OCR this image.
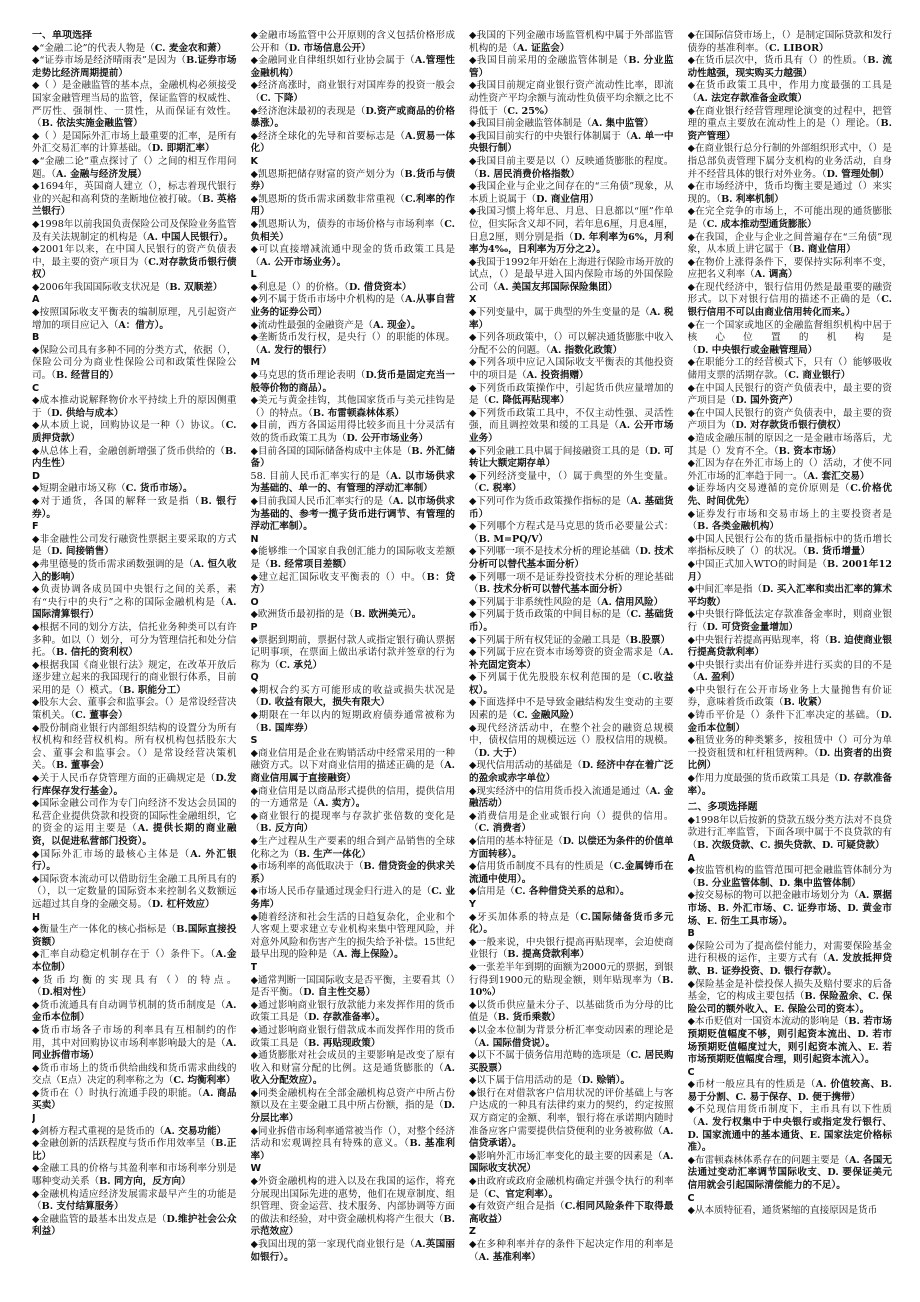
一、单项选择

◆“金融二论”的代表人物是（C. 麦金农和萧）

◆“证券市场是经济晴雨表”是因为（B.证券市场走势比经济周期提前）

◆（ ）是金融监管的基本点，金融机构必须接受国家金融管理当局的监管，保证监管的权威性、严厉性、强制性、一贯性，从而保证有效性。（B. 依法实施金融监管）

◆（ ）是国际外汇市场上最重要的汇率，是所有外汇交易汇率的计算基础。（D. 即期汇率）

◆“金融二论”重点探讨了（）之间的相互作用问题。（A. 金融与经济发展）

◆1694年，英国商人建立（），标志着现代银行业的兴起和高利贷的垄断地位被打破。（B. 英格兰银行）

◆1998年以前我国负责保险公司及保险业务监管及有关法规制定的机构是（A. 中国人民银行）。

◆2001年以来，在中国人民银行的资产负债表中，最主要的资产项目为（C.对存款货币银行债权）

◆2006年我国国际收支状况是（B. 双顺差）

A

◆按照国际收支平衡表的编制原理，凡引起资产增加的项目应记入（A：借方）。

B

◆保险公司具有多种不同的分类方式，依据（），保险公司分为商业性保险公司和政策性保险公司。（B. 经营目的）

C

◆成本推动说解释物价水平持续上升的原因侧重于（D. 供给与成本）

◆从本质上说，回购协议是一种（）协议。（C. 质押贷款）

◆从总体上看，金融创新增强了货币供给的（B. 内生性）

D

◆短期金融市场又称（C. 货币市场）。

◆对于通货，各国的解释一致是指（B. 银行券）。

F

◆非金融性公司发行融资性票据主要采取的方式是（D. 间接销售）

◆弗里德曼的货币需求函数强调的是（A. 恒久收入的影响）

◆负责协调各成员国中央银行之间的关系，素有“央行中的央行”之称的国际金融机构是（A. 国际清算银行）

◆根据不同的划分方法，信托业务种类可以有许多种。如以（）划分，可分为管理信托和处分信托。（B. 信托的资利权）

◆根据我国《商业银行法》规定，在改革开放后逐步建立起来的我国现行的商业银行体系，目前采用的是（）模式。（B. 职能分工）

◆股东大会、董事会和监事会。（）是常设经营决策机关。（C. 董事会）

◆股份制商业银行内部组织结构的设置分为所有权机构和经营权机构。所有权机构包括股东大会、董事会和监事会。（）是常设经营决策机关。（B. 董事会）

◆关于人民币存贷管理方面的正确规定是（D.发行库保存发行基金）。

◆国际金融公司作为专门向经济不发达会员国的私营企业提供贷款和投资的国际性金融组织，它的资金的运用主要是（A. 提供长期的商业融资，以促进私营部门投资）。

◆国际外汇市场的最核心主体是（A. 外汇银行）。

◆国际资本流动可以借助衍生金融工具所具有的（），以一定数量的国际资本来控制名义数额远远超过其自身的金融交易。（D. 杠杆效应）

H

◆衡量生产一体化的核心指标是（B.国际直接投资额）

◆汇率自动稳定机制存在于（）条件下。（A.金本位制）

◆货币均衡的实现具有（）的特点。（D.相对性）

◆货币流通具有自动调节机制的货币制度是（A. 金币本位制）

◆货币市场各子市场的利率具有互相制约的作用，其中对回购协议市场利率影响最大的是（A. 同业拆借市场）

◆货币市场上的货币供给曲线和货币需求曲线的交点（E点）决定的利率称之为（C. 均衡利率）

◆货币在（）时执行流通手段的职能。（A. 商品买卖）

J

◆剑桥方程式重视的是货币的（A. 交易功能）

◆金融创新的活跃程度与货币作用效率呈（B.正比）

◆金融工具的价格与其盈利率和市场利率分别是哪种变动关系（B. 同方向，反方向）

◆金融机构适应经济发展需求最早产生的功能是（B. 支付结算服务）

◆金融监管的最基本出发点是（D.维护社会公众利益）

◆金融市场监管中公开原则的含义包括价格形成公开和（D. 市场信息公开）

◆金融同业自律组织如行业协会属于（A.管理性金融机构）

◆经济高涨时，商业银行对国库券的投资一般会（C. 下降）

◆经济泡沫最初的表现是（D.资产或商品的价格暴涨）。

◆经济全球化的先导和首要标志是（A.贸易一体化）

K

◆凯恩斯把储存财富的资产划分为（B.货币与债券）

◆凯恩斯的货币需求函数非常重视（C.利率的作用）

◆凯恩斯认为，债券的市场价格与市场利率（C. 负相关）

◆可以直接增减流通中现金的货币政策工具是（A. 公开市场业务）。

L

◆利息是（）的价格。（D. 借贷资本）

◆列不属于货币市场中介机构的是（A.从事自营业务的证券公司）

◆流动性最强的金融资产是（A. 现金）。

◆垄断货币发行权，是央行（）的职能的体现。（A. 发行的银行）

M

◆马克思的货币理论表明（D.货币是固定充当一般等价物的商品）。

◆美元与黄金挂钩，其他国家货币与美元挂钩是（）的特点。（B. 布雷顿森林体系）

◆目前，西方各国运用得比较多而且十分灵活有效的货币政策工具为（D. 公开市场业务）

◆目前各国的国际储备构成中主体是（B. 外汇储备）

58. 目前人民币汇率实行的是（A. 以市场供求为基础的、单一的、有管理的浮动汇率制）

◆目前我国人民币汇率实行的是（A. 以市场供求为基础的、参考一揽子货币进行调节、有管理的浮动汇率制）。

N

◆能够维一个国家自我创汇能力的国际收支差额是（B. 经常项目差额）

◆建立起汇国际收支平衡表的（）中。（B：贷方）

O

◆欧洲货币最初指的是（B. 欧洲美元）。

P

◆票据到期前，票据付款人或指定银行确认票据记明事项，在票面上做出承诺付款并签章的行为称为（C. 承兑）

Q

◆期权合约买方可能形成的收益或损失状况是（D. 收益有限大，损失有限大）

◆期限在一年以内的短期政府债券通常被称为（B. 国库券）

S

◆商业信用是企业在购销活动中经常采用的一种融资方式。以下对商业信用的描述正确的是（A. 商业信用属于直接融资）

◆商业信用是以商品形式提供的信用，提供信用的一方通常是（A. 卖方）。

◆商业银行的提现率与存款扩张倍数的变化是（B. 反方向）

◆生产过程从生产要素的组合到产品销售的全球化称之为（B. 生产一体化）

◆市场利率的高低取决于（B. 借贷资金的供求关系）

◆市场人民币存量通过现金归行进入的是（C. 业务库）

◆随着经济和社会生活的日趋复杂化，企业和个人客观上要求建立专业机构来集中管理风险，并对意外风险和伤害产生的损失给予补偿。15世纪最早出现的险种是（A. 海上保险）。

T

◆通常判断一国国际收支是否平衡，主要看其（）是否平衡。（D. 自主性交易）

◆通过影响商业银行放款能力来发挥作用的货币政策工具是（D. 存款准备率）。

◆通过影响商业银行借款成本而发挥作用的货币政策工具是（B. 再贴现政策）

◆通货膨胀对社会成员的主要影响是改变了原有收入和财富分配的比例。这是通货膨胀的（A. 收入分配效应）。

◆同类金融机构在全部金融机构总资产中所占份额以及在主要金融工具中所占份额，指的是（D. 分层比率）

◆同业拆借市场利率通常被当作（），对整个经济活动和宏观调控具有特殊的意义。（B. 基准利率）

W

◆外资金融机构的进入以及在我国的运作，将充分展现出国际先进的惠势，他们在规章制度、组织管理、资金运营、技术服务、内部协调等方面的做法和经验，对中资金融机构将产生很大（B. 示范效应）

◆我国出现的第一家现代商业银行是（A.英国丽如银行）。

◆我国的下列金融市场监管机构中属于外部监管机构的是（A. 证监会）

◆我国目前采用的金融监管体制是（B. 分业监管）

◆我国目前规定商业银行资产流动性比率，即流动性资产平均余额与流动性负债平均余额之比不得低于（C. 25%）

◆我国目前金融监管体制是（A. 集中监管）

◆我国目前实行的中央银行体制属于（A. 单一中央银行制）

◆我国目前主要是以（）反映通货膨胀的程度。（B. 居民消费价格指数）

◆我国企业与企业之间存在的“三角债”现象，从本质上说属于（D. 商业信用）

◆我国习惯上将年息、月息、日息都以“厘”作单位，但实际含义却不同，若年息6厘，月息4厘，日息2厘，则分别是指（D. 年利率为6%，月利率为4‰，日利率为万分之2）。

◆我国于1992年开始在上海进行保险市场开放的试点，（）是最早进入国内保险市场的外国保险公司（A. 美国友邦国际保险集团）

X

◆下列变量中，属于典型的外生变量的是（A. 税率）

◆下列各项政策中，（）可以解决通货膨胀中收入分配不公的问题。（A. 指数化政策）

◆下列各项中应记入国际收支平衡表的其他投资中的项目是（A. 投资捐赠）

◆下列货币政策操作中，引起货币供应量增加的是（C. 降低再贴现率）

◆下列货币政策工具中，不仅主动性强、灵活性强，而且调控效果和缓的工具是（A. 公开市场业务）

◆下列金融工具中属于间接融资工具的是（D. 可转让大额定期存单）

◆下列经济变量中，（）属于典型的外生变量。（C. 税率）

◆下列可作为货币政策操作指标的是（A. 基础货币）

◆下列哪个方程式是马克思的货币必要量公式：（B. M=PQ/V）

◆下列哪一项不是技术分析的理论基础（D. 技术分析可以替代基本面分析）

◆下列哪一项不是证券投资技术分析的理论基础（B. 技术分析可以替代基本面分析）

◆下列属于非系统性风险的是（A. 信用风险）

◆下列属于货币政策的中间目标的是（C. 基础货币）。

◆下列属于所有权凭证的金融工具是（B.股票）

◆下列属于应在资本市场筹资的资金需求是（A. 补充固定资本）

◆下列属于优先股股东权利范围的是（C.收益权）。

◆下面选择中不是导致金融结构发生变动的主要因素的是（C. 金融风险）

◆现代经济活动中，在整个社会的融资总规模中，债权信用的规模远远（）股权信用的规模。（D. 大于）

◆现代信用活动的基础是（D. 经济中存在着广泛的盈余或赤字单位）

◆现实经济中的信用货币投入流通是通过（A. 金融活动）

◆消费信用是企业或银行向（）提供的信用。（C. 消费者）

◆信用的基本特征是（D. 以偿还为条件的价值单方面转移）。

◆信用货币制度不具有的性质是（C.金属铸币在流通中使用）。

◆信用是（C. 各种借贷关系的总和）。

Y

◆牙买加体系的特点是（C.国际储备货币多元化）。

◆一般来说，中央银行提高再贴现率，会迫使商业银行（B. 提高贷款利率）

◆一张差半年到期的面额为2000元的票据，到银行得到1900元的贴现金额，则年贴现率为（B. 10%）

◆以货币供应量未分子、以基础货币为分母的比值是（B. 货币乘数）

◆以金本位制为背景分析汇率变动因素的理论是（A. 国际借贷说）。

◆以下不属于债务信用范畴的选项是（C. 居民购买股票）

◆以下属于信用活动的是（D. 赊销）。

◆银行在对借款客户信用状况的评价基础上与客户达成的一种具有法律约束力的契约，约定按照双方商定的金额、利率，银行将在承诺期内随时准备应客户需要提供信贷便利的业务被称做（A. 信贷承诺）。

◆影响外汇市场汇率变化的最主要的因素是（A. 国际收支状况）

◆由政府或政府金融机构确定并强令执行的利率是（C、官定利率）。

◆有效资产组合是指（C.相同风险条件下取得最高收益）

Z

◆在多种利率并存的条件下起决定作用的利率是（A. 基准利率）

◆在国际信贷市场上，（）是制定国际贷款和发行债券的基准利率。（C. LIBOR）

◆在货币层次中，货币具有（）的性质。（B. 流动性越强，现实购买力越强）

◆在货币政策工具中，作用力度最强的工具是（A. 法定存款准备金政策）

◆在商业银行经营管理理论演变的过程中，把管理的重点主要放在流动性上的是（）理论。（B. 资产管理）

◆在商业银行总分行制的外部组织形式中，（）是指总部负责管理下属分支机构的业务活动，自身并不经营具体的银行对外业务。（D. 管理处制）

◆在市场经济中，货币均衡主要是通过（）来实现的。（B. 利率机制）

◆在完全竞争的市场上，不可能出现的通货膨胀是（C. 成本推动型通货膨胀）

◆在我国，企业与企业之间普遍存在“三角债”现象，从本质上讲它属于（B. 商业信用）

◆在物价上涨得条件下，要保持实际利率不变，应把名义利率（A. 调高）

◆在现代经济中，银行信用仍然是最重要的融资形式。以下对银行信用的描述不正确的是（C. 银行信用不可以由商业信用转化而来。）

◆在一个国家或地区的金融监督组织机构中居于核心位置的机构是（D. 中央银行或金融管理局）

◆在职能分工的经营模式下，只有（）能够吸收储用支票的活期存款。（C. 商业银行）

◆在中国人民银行的资产负债表中，最主要的资产项目是（D. 国外资产）

◆在中国人民银行的资产负债表中，最主要的资产项目为（D. 对存款货币银行债权）

◆造成金融压制的原因之一是金融市场落后，尤其是（）发育不全。（B. 资本市场）

◆汇因为存在外汇市场上的（）活动，才使不同外汇市场的汇率趋于同一。（A. 套汇交易）

◆证券场内交易遵循的竞价原则是（C.价格优先、时间优先）

◆证券发行市场和交易市场上的主要投资者是（B. 各类金融机构）

◆中国人民银行公布的货币量指标中的货币增长率指标反映了（）的状况。（B. 货币增量）

◆中国正式加入WTO的时间是（B. 2001年12月）

◆中间汇率是指（D. 买入汇率和卖出汇率的算术平均数）

◆中央银行降低法定存款准备金率时，则商业银行（D. 可贷资金量增加）

◆中央银行若提高再贴现率，将（B. 迫使商业银行提高贷款利率）

◆中央银行卖出有价证券并进行买卖的目的不是（A. 盈利）

◆中央银行在公开市场业务上大量抛售有价证券，意味着货币政策（B. 收紧）

◆铸币平价是（）条件下汇率决定的基础。（D. 金币本位制）

◆租赁业务的种类繁多，按租赁中（）可分为单一投资租赁和杠杆租赁两种。（D. 出资者的出资比例）

◆作用力度最强的货币政策工具是（D. 存款准备率）。

二、多项选择题

◆1998年以后按新的贷款五级分类方法对不良贷款进行汇率监管，下面各项中属于不良贷款的有（B. 次级贷款、C. 损失贷款、D. 可疑贷款）

A

◆按监管机构的监管范围可把金融监管体制分为（B. 分业监管体制、D. 集中监管体制）

◆按交易标的物可以把金融市场划分为（A. 票据市场、B. 外汇市场、C. 证券市场、D. 黄金市场、E. 衍生工具市场）。

B

◆保险公司为了提高偿付能力，对需要保险基金进行积极的运作，主要方式有（A. 发放抵押贷款、B. 证券投资、D. 银行存款）。

◆保险基金是补偿投保人损失及赔付要求的后备基金，它的构成主要包括（B. 保险盈余、C. 保险公司的额外收入、E. 保险公司的资本）。

◆本币贬值对一国资本流动的影响是（B. 若市场预期贬值幅度不够，则引起资本流出、D. 若市场预期贬值幅度过大，则引起资本流入、E. 若市场预期贬值幅度合理，则引起资本流入）。

C

◆币材一般应具有的性质是（A. 价值较高、B. 易于分割、C. 易于保存、D. 便于携带）

◆不兑现信用货币制度下，主币具有以下性质（A. 发行权集中于中央银行或指定发行银行、D. 国家流通中的基本通货、E. 国家法定价格标准）。

◆布雷顿森林体系存在的问题主要是（A. 各国无法通过变动汇率调节国际收支、D. 要保证美元信用就会引起国际清偿能力的不足）。

C

◆从本质特征看，通货紧缩的直接原因是货币
